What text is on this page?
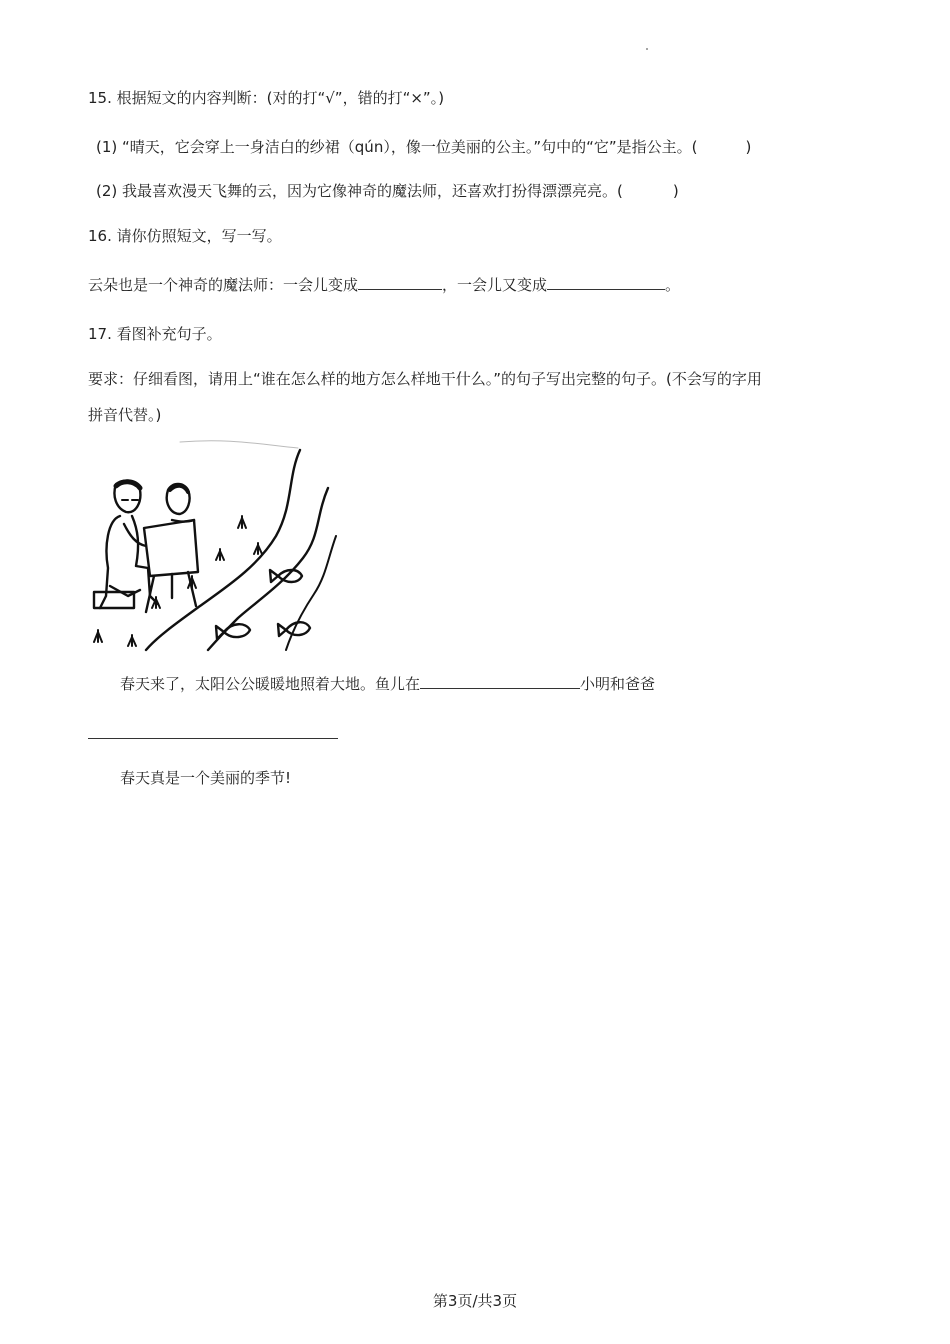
15. 根据短文的内容判断：(对的打“√”，错的打“×”。)
(1) “晴天，它会穿上一身洁白的纱裙（qún），像一位美丽的公主。”句中的“它”是指公主。(	)
(2) 我最喜欢漫天飞舞的云，因为它像神奇的魔法师，还喜欢打扮得漂漂亮亮。(	)
16. 请你仿照短文，写一写。
云朵也是一个神奇的魔法师：一会儿变成	，一会儿又变成	。
17. 看图补充句子。
要求：仔细看图，请用上“谁在怎么样的地方怎么样地干什么。”的句子写出完整的句子。(不会写的字用
拼音代替。)
春天来了，太阳公公暖暖地照着大地。鱼儿在	小明和爸爸
春天真是一个美丽的季节!
第3页/共3页
